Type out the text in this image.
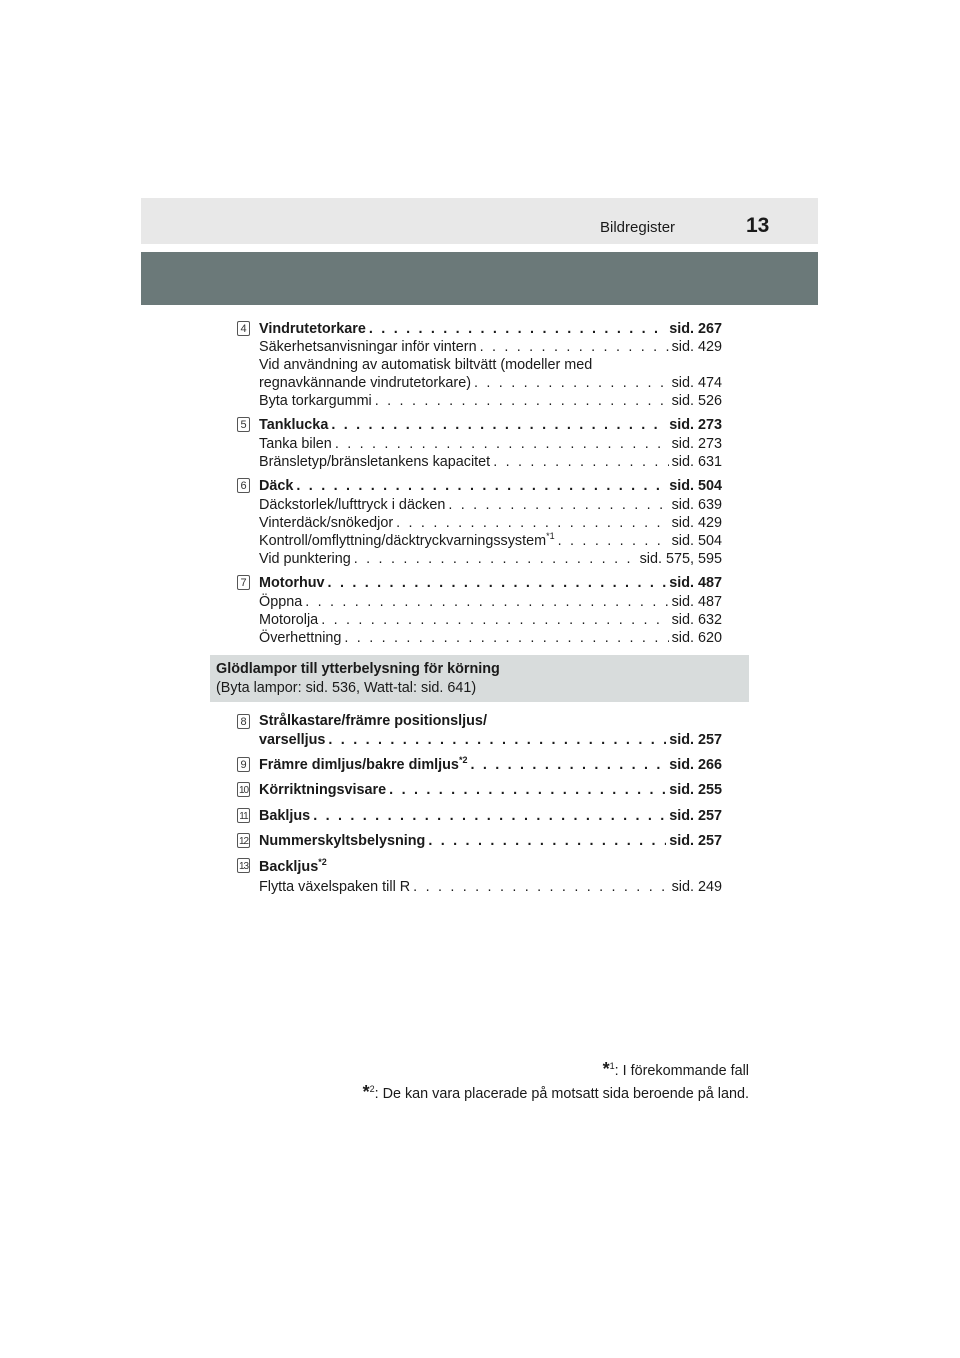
Bildregister	13
4 Vindrutetorkare . . .	sid. 267
Säkerhetsanvisningar inför vintern . . .	sid. 429
Vid användning av automatisk biltvätt (modeller med
regnavkännande vindrutetorkare) . . .	sid. 474
Byta torkargummi . . .	sid. 526
5 Tanklucka . . .	sid. 273
Tanka bilen . . .	sid. 273
Bränsletyp/bränsletankens kapacitet . . .	sid. 631
6 Däck . . .	sid. 504
Däckstorlek/lufttryck i däcken . . .	sid. 639
Vinterdäck/snökedjor . . .	sid. 429
Kontroll/omflyttning/däcktryckvarningssystem$^{*1}$ . . .	sid. 504
Vid punktering . . .	sid. 575, 595
7 Motorhuv . . .	sid. 487
Öppna . . .	sid. 487
Motorolja . . .	sid. 632
Överhettning . . .	sid. 620
Glödlampor till ytterbelysning för körning
(Byta lampor: sid. 536, Watt-tal: sid. 641)
8 Strålkastare/främre positionsljus/
varselljus . . .	sid. 257
9 Främre dimljus/bakre dimljus$^{*2}$ . . .	sid. 266
10 Körriktningsvisare . . .	sid. 255
11 Bakljus . . .	sid. 257
12 Nummerskyltsbelysning . . .	sid. 257
13 Backljus$^{*2}$
Flytta växelspaken till R . . .	sid. 249
*$^1$: I förekommande fall
*$^2$: De kan vara placerade på motsatt sida beroende på land.
